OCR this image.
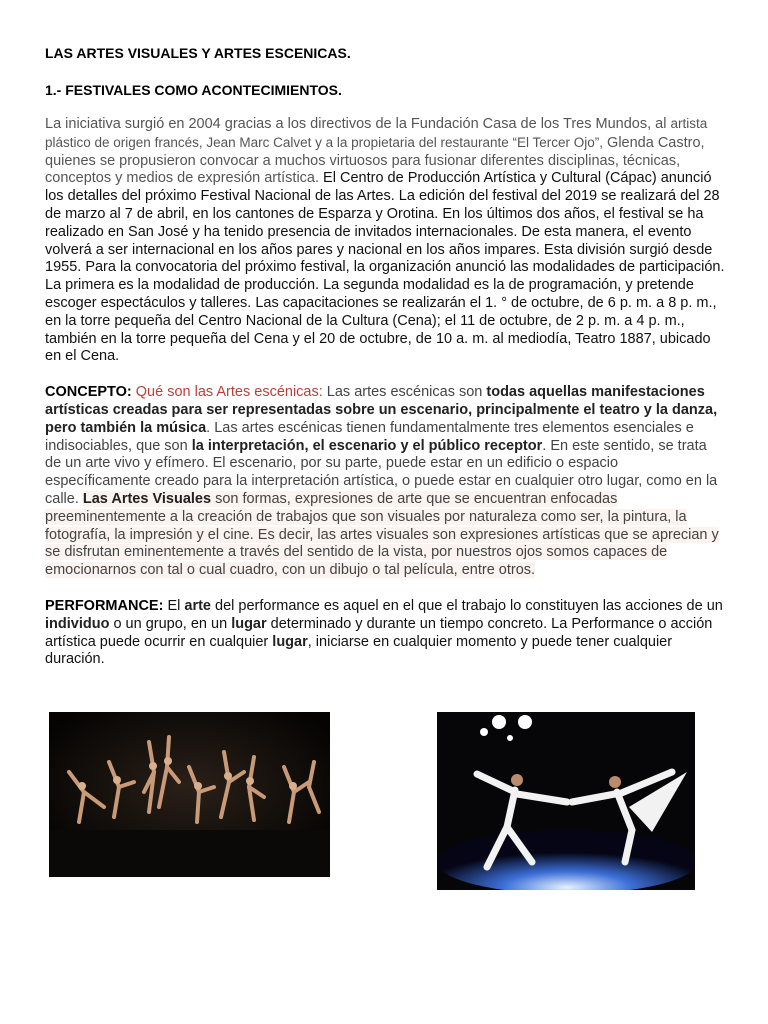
LAS ARTES VISUALES Y ARTES ESCENICAS.
1.- FESTIVALES COMO ACONTECIMIENTOS.

La iniciativa surgió en 2004 gracias a los directivos de la Fundación Casa de los Tres Mundos, al artista plástico de origen francés, Jean Marc Calvet y a la propietaria del restaurante “El Tercer Ojo”, Glenda Castro, quienes se propusieron convocar a muchos virtuosos para fusionar diferentes disciplinas, técnicas, conceptos y medios de expresión artística. El Centro de Producción Artística y Cultural (Cápac) anunció los detalles del próximo Festival Nacional de las Artes. La edición del festival del 2019 se realizará del 28 de marzo al 7 de abril, en los cantones de Esparza y Orotina. En los últimos dos años, el festival se ha realizado en San José y ha tenido presencia de invitados internacionales. De esta manera, el evento volverá a ser internacional en los años pares y nacional en los años impares. Esta división surgió desde 1955. Para la convocatoria del próximo festival, la organización anunció las modalidades de participación. La primera es la modalidad de producción. La segunda modalidad es la de programación, y pretende escoger espectáculos y talleres. Las capacitaciones se realizarán el 1. ° de octubre, de 6 p. m. a 8 p. m., en la torre pequeña del Centro Nacional de la Cultura (Cena); el 11 de octubre, de 2 p. m. a 4 p. m., también en la torre pequeña del Cena y el 20 de octubre, de 10 a. m. al mediodía, Teatro 1887, ubicado en el Cena.

CONCEPTO: Qué son las Artes escénicas: Las artes escénicas son todas aquellas manifestaciones artísticas creadas para ser representadas sobre un escenario, principalmente el teatro y la danza, pero también la música. Las artes escénicas tienen fundamentalmente tres elementos esenciales e indisociables, que son la interpretación, el escenario y el público receptor. En este sentido, se trata de un arte vivo y efímero. El escenario, por su parte, puede estar en un edificio o espacio específicamente creado para la interpretación artística, o puede estar en cualquier otro lugar, como en la calle. Las Artes Visuales son formas, expresiones de arte que se encuentran enfocadas preeminentemente a la creación de trabajos que son visuales por naturaleza como ser, la pintura, la fotografía, la impresión y el cine. Es decir, las artes visuales son expresiones artísticas que se aprecian y se disfrutan eminentemente a través del sentido de la vista, por nuestros ojos somos capaces de emocionarnos con tal o cual cuadro, con un dibujo o tal película, entre otros.

PERFORMANCE: El arte del performance es aquel en el que el trabajo lo constituyen las acciones de un individuo o un grupo, en un lugar determinado y durante un tiempo concreto. La Performance o acción artística puede ocurrir en cualquier lugar, iniciarse en cualquier momento y puede tener cualquier duración.
